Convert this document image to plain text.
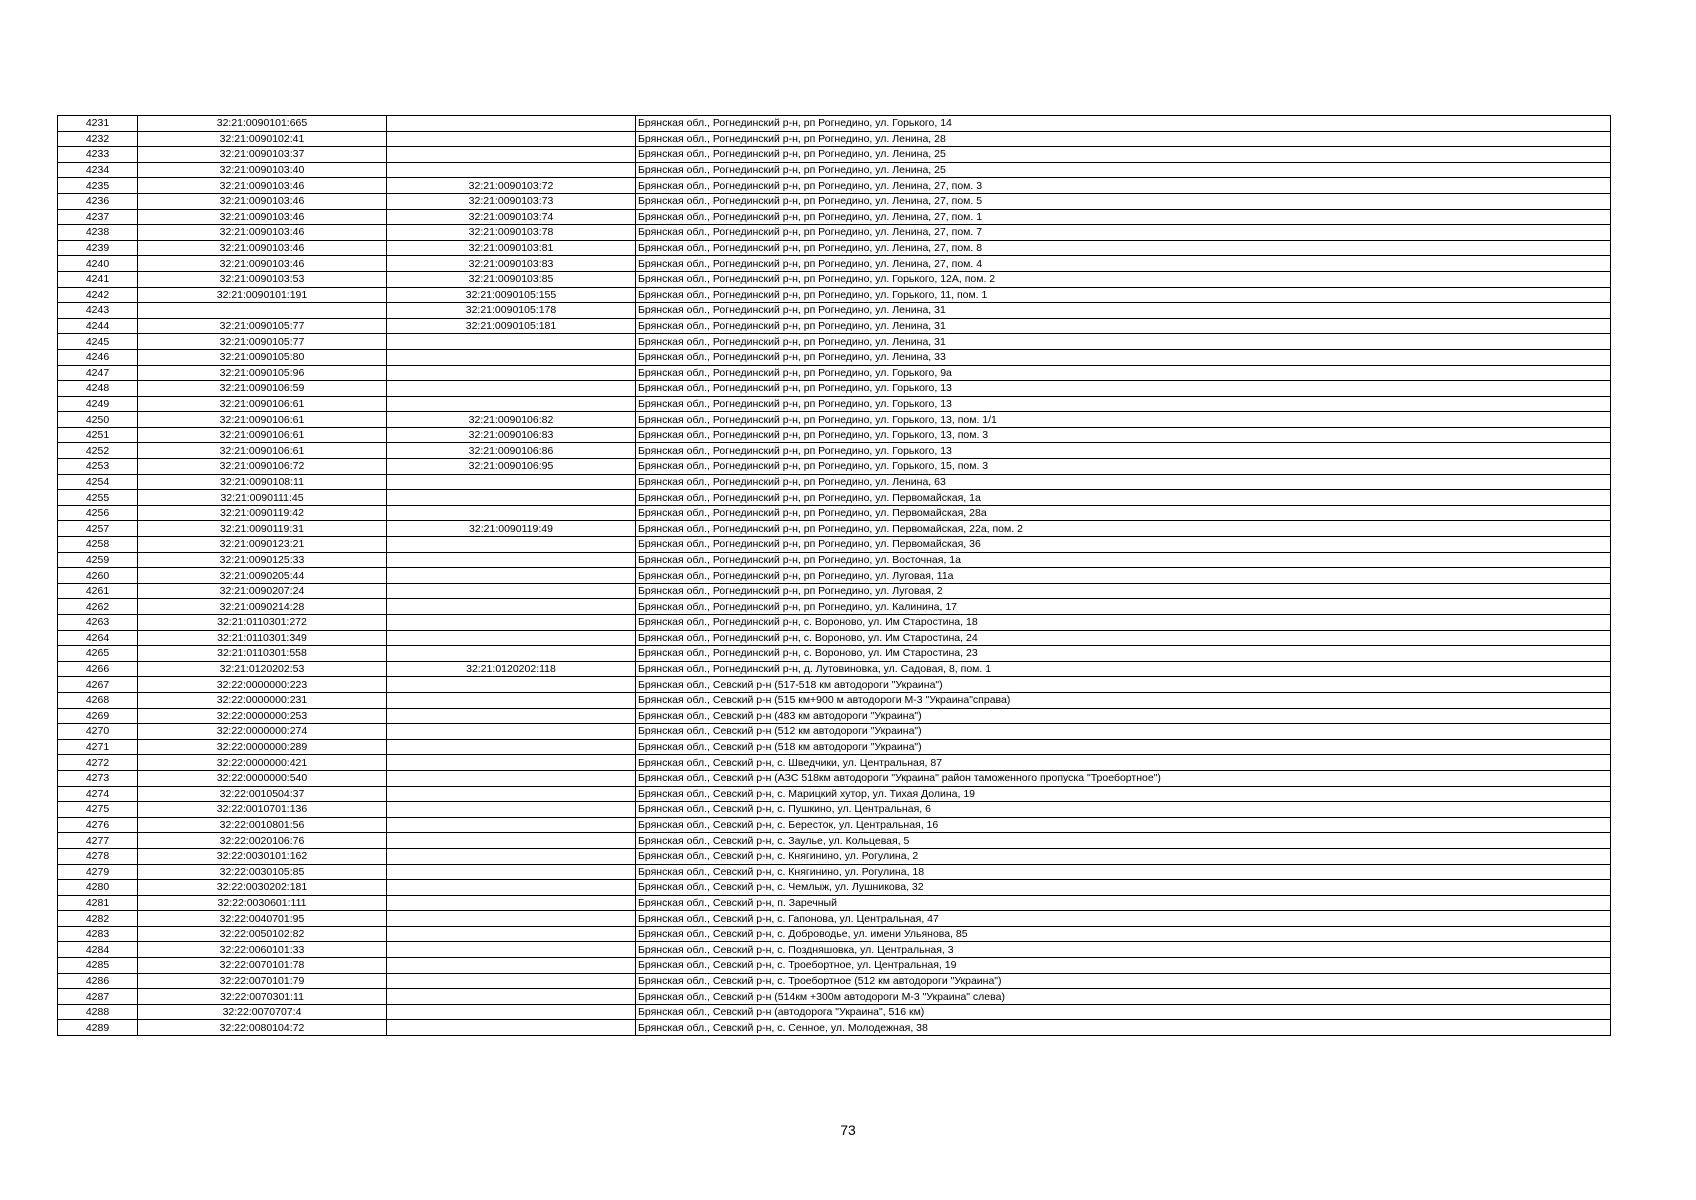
4231	32:21:0090101:665		Брянская обл., Рогнединский р-н, рп Рогнедино, ул. Горького, 14
4232	32:21:0090102:41		Брянская обл., Рогнединский р-н, рп Рогнедино, ул. Ленина, 28
4233	32:21:0090103:37		Брянская обл., Рогнединский р-н, рп Рогнедино, ул. Ленина, 25
4234	32:21:0090103:40		Брянская обл., Рогнединский р-н, рп Рогнедино, ул. Ленина, 25
4235	32:21:0090103:46	32:21:0090103:72	Брянская обл., Рогнединский р-н, рп Рогнедино, ул. Ленина, 27, пом. 3
4236	32:21:0090103:46	32:21:0090103:73	Брянская обл., Рогнединский р-н, рп Рогнедино, ул. Ленина, 27, пом. 5
4237	32:21:0090103:46	32:21:0090103:74	Брянская обл., Рогнединский р-н, рп Рогнедино, ул. Ленина, 27, пом. 1
4238	32:21:0090103:46	32:21:0090103:78	Брянская обл., Рогнединский р-н, рп Рогнедино, ул. Ленина, 27, пом. 7
4239	32:21:0090103:46	32:21:0090103:81	Брянская обл., Рогнединский р-н, рп Рогнедино, ул. Ленина, 27, пом. 8
4240	32:21:0090103:46	32:21:0090103:83	Брянская обл., Рогнединский р-н, рп Рогнедино, ул. Ленина, 27, пом. 4
4241	32:21:0090103:53	32:21:0090103:85	Брянская обл., Рогнединский р-н, рп Рогнедино, ул. Горького, 12А, пом. 2
4242	32:21:0090101:191	32:21:0090105:155	Брянская обл., Рогнединский р-н, рп Рогнедино, ул. Горького, 11, пом. 1
4243		32:21:0090105:178	Брянская обл., Рогнединский р-н, рп Рогнедино, ул. Ленина, 31
4244	32:21:0090105:77	32:21:0090105:181	Брянская обл., Рогнединский р-н, рп Рогнедино, ул. Ленина, 31
4245	32:21:0090105:77		Брянская обл., Рогнединский р-н, рп Рогнедино, ул. Ленина, 31
4246	32:21:0090105:80		Брянская обл., Рогнединский р-н, рп Рогнедино, ул. Ленина, 33
4247	32:21:0090105:96		Брянская обл., Рогнединский р-н, рп Рогнедино, ул. Горького, 9а
4248	32:21:0090106:59		Брянская обл., Рогнединский р-н, рп Рогнедино, ул. Горького, 13
4249	32:21:0090106:61		Брянская обл., Рогнединский р-н, рп Рогнедино, ул. Горького, 13
4250	32:21:0090106:61	32:21:0090106:82	Брянская обл., Рогнединский р-н, рп Рогнедино, ул. Горького, 13, пом. 1/1
4251	32:21:0090106:61	32:21:0090106:83	Брянская обл., Рогнединский р-н, рп Рогнедино, ул. Горького, 13, пом. 3
4252	32:21:0090106:61	32:21:0090106:86	Брянская обл., Рогнединский р-н, рп Рогнедино, ул. Горького, 13
4253	32:21:0090106:72	32:21:0090106:95	Брянская обл., Рогнединский р-н, рп Рогнедино, ул. Горького, 15, пом. 3
4254	32:21:0090108:11		Брянская обл., Рогнединский р-н, рп Рогнедино, ул. Ленина, 63
4255	32:21:0090111:45		Брянская обл., Рогнединский р-н, рп Рогнедино, ул. Первомайская, 1а
4256	32:21:0090119:42		Брянская обл., Рогнединский р-н, рп Рогнедино, ул. Первомайская, 28а
4257	32:21:0090119:31	32:21:0090119:49	Брянская обл., Рогнединский р-н, рп Рогнедино, ул. Первомайская, 22а, пом. 2
4258	32:21:0090123:21		Брянская обл., Рогнединский р-н, рп Рогнедино, ул. Первомайская, 36
4259	32:21:0090125:33		Брянская обл., Рогнединский р-н, рп Рогнедино, ул. Восточная, 1а
4260	32:21:0090205:44		Брянская обл., Рогнединский р-н, рп Рогнедино, ул. Луговая, 11а
4261	32:21:0090207:24		Брянская обл., Рогнединский р-н, рп Рогнедино, ул. Луговая, 2
4262	32:21:0090214:28		Брянская обл., Рогнединский р-н, рп Рогнедино, ул. Калинина, 17
4263	32:21:0110301:272		Брянская обл., Рогнединский р-н, с. Вороново, ул. Им Старостина, 18
4264	32:21:0110301:349		Брянская обл., Рогнединский р-н, с. Вороново, ул. Им Старостина, 24
4265	32:21:0110301:558		Брянская обл., Рогнединский р-н, с. Вороново, ул. Им Старостина, 23
4266	32:21:0120202:53	32:21:0120202:118	Брянская обл., Рогнединский р-н, д. Лутовиновка, ул. Садовая, 8, пом. 1
4267	32:22:0000000:223		Брянская обл., Севский р-н (517-518 км автодороги "Украина")
4268	32:22:0000000:231		Брянская обл., Севский р-н (515 км+900 м автодороги М-3 "Украина"справа)
4269	32:22:0000000:253		Брянская обл., Севский р-н (483 км автодороги "Украина")
4270	32:22:0000000:274		Брянская обл., Севский р-н (512 км автодороги "Украина")
4271	32:22:0000000:289		Брянская обл., Севский р-н (518 км автодороги "Украина")
4272	32:22:0000000:421		Брянская обл., Севский р-н, с. Шведчики, ул. Центральная, 87
4273	32:22:0000000:540		Брянская обл., Севский р-н (АЗС 518км автодороги "Украина" район таможенного пропуска "Троебортное")
4274	32:22:0010504:37		Брянская обл., Севский р-н, с. Марицкий хутор, ул. Тихая Долина, 19
4275	32:22:0010701:136		Брянская обл., Севский р-н, с. Пушкино, ул. Центральная, 6
4276	32:22:0010801:56		Брянская обл., Севский р-н, с. Бересток, ул. Центральная, 16
4277	32:22:0020106:76		Брянская обл., Севский р-н, с. Заулье, ул. Кольцевая, 5
4278	32:22:0030101:162		Брянская обл., Севский р-н, с. Княгинино, ул. Рогулина, 2
4279	32:22:0030105:85		Брянская обл., Севский р-н, с. Княгинино, ул. Рогулина, 18
4280	32:22:0030202:181		Брянская обл., Севский р-н, с. Чемлыж, ул. Лушникова, 32
4281	32:22:0030601:111		Брянская обл., Севский р-н, п. Заречный
4282	32:22:0040701:95		Брянская обл., Севский р-н, с. Гапонова, ул. Центральная, 47
4283	32:22:0050102:82		Брянская обл., Севский р-н, с. Доброводье, ул. имени Ульянова, 85
4284	32:22:0060101:33		Брянская обл., Севский р-н, с. Поздняшовка, ул. Центральная, 3
4285	32:22:0070101:78		Брянская обл., Севский р-н, с. Троебортное, ул. Центральная, 19
4286	32:22:0070101:79		Брянская обл., Севский р-н, с. Троебортное (512 км автодороги "Украина")
4287	32:22:0070301:11		Брянская обл., Севский р-н (514км +300м автодороги М-3 "Украина" слева)
4288	32:22:0070707:4		Брянская обл., Севский р-н (автодорога "Украина", 516 км)
4289	32:22:0080104:72		Брянская обл., Севский р-н, с. Сенное, ул. Молодежная, 38
73
